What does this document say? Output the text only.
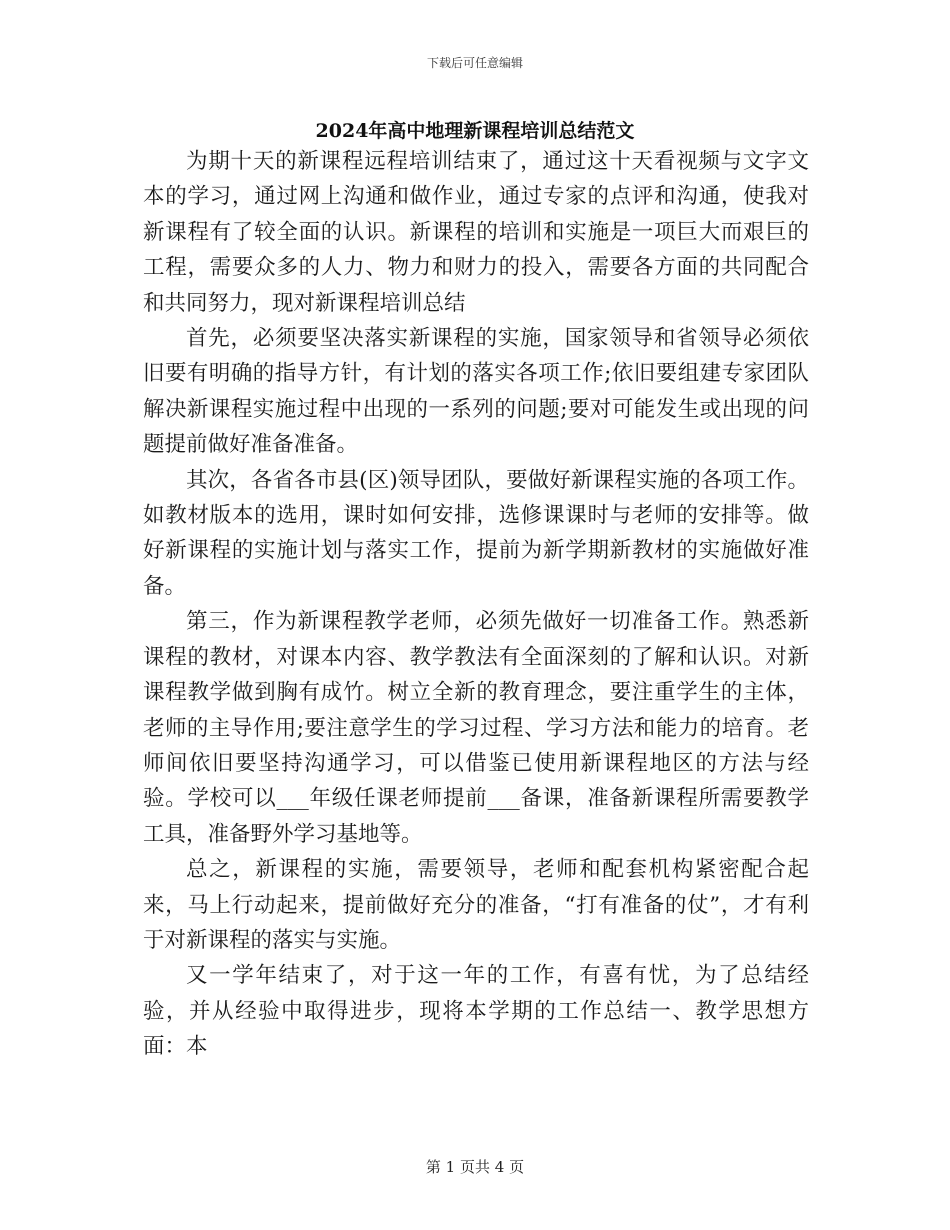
下载后可任意编辑
2024年高中地理新课程培训总结范文

为期十天的新课程远程培训结束了，通过这十天看视频与文字文本的学习，通过网上沟通和做作业，通过专家的点评和沟通，使我对新课程有了较全面的认识。新课程的培训和实施是一项巨大而艰巨的工程，需要众多的人力、物力和财力的投入，需要各方面的共同配合和共同努力，现对新课程培训总结

首先，必须要坚决落实新课程的实施，国家领导和省领导必须依旧要有明确的指导方针，有计划的落实各项工作;依旧要组建专家团队解决新课程实施过程中出现的一系列的问题;要对可能发生或出现的问题提前做好准备准备。

其次，各省各市县(区)领导团队，要做好新课程实施的各项工作。如教材版本的选用，课时如何安排，选修课课时与老师的安排等。做好新课程的实施计划与落实工作，提前为新学期新教材的实施做好准备。

第三，作为新课程教学老师，必须先做好一切准备工作。熟悉新课程的教材，对课本内容、教学教法有全面深刻的了解和认识。对新课程教学做到胸有成竹。树立全新的教育理念，要注重学生的主体，老师的主导作用;要注意学生的学习过程、学习方法和能力的培育。老师间依旧要坚持沟通学习，可以借鉴已使用新课程地区的方法与经验。学校可以___年级任课老师提前___备课，准备新课程所需要教学工具，准备野外学习基地等。

总之，新课程的实施，需要领导，老师和配套机构紧密配合起来，马上行动起来，提前做好充分的准备，“打有准备的仗”，才有利于对新课程的落实与实施。

又一学年结束了，对于这一年的工作，有喜有忧，为了总结经验，并从经验中取得进步，现将本学期的工作总结一、教学思想方面：本

第 1 页共 4 页
